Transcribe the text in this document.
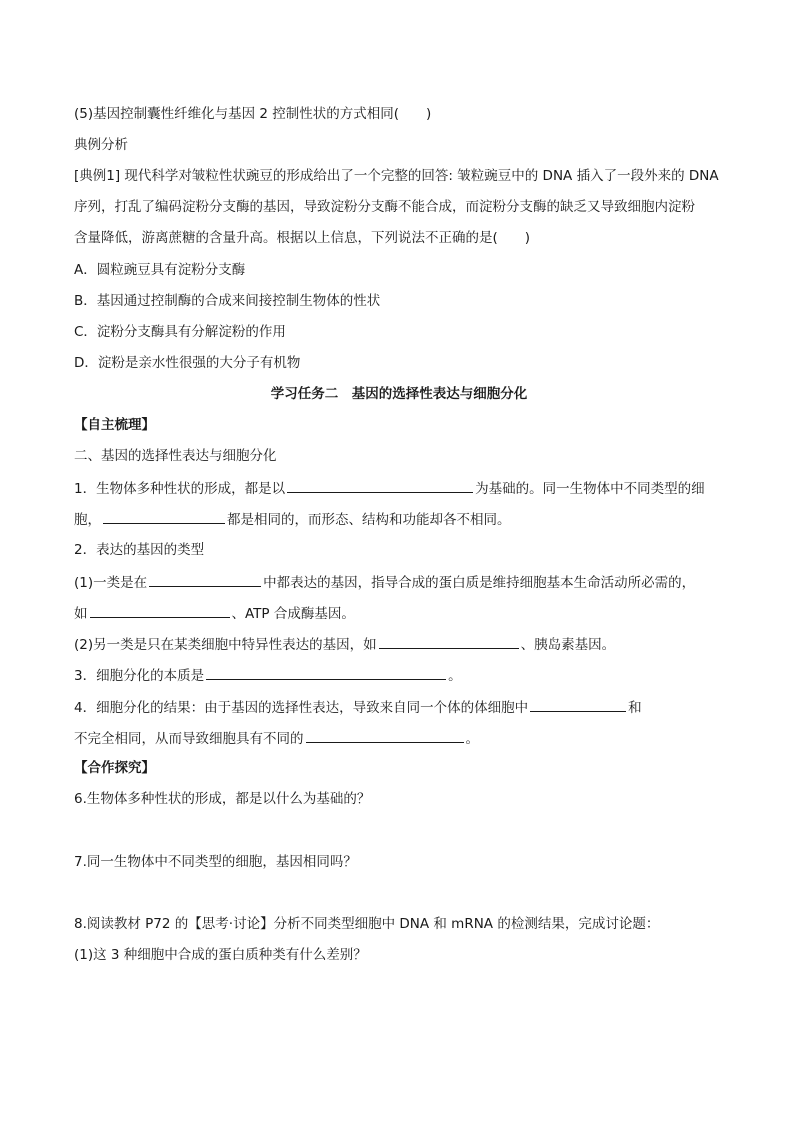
(5)基因控制囊性纤维化与基因 2 控制性状的方式相同(　　)
典例分析
[典例1] 现代科学对皱粒性状豌豆的形成给出了一个完整的回答: 皱粒豌豆中的 DNA 插入了一段外来的 DNA
序列，打乱了编码淀粉分支酶的基因，导致淀粉分支酶不能合成，而淀粉分支酶的缺乏又导致细胞内淀粉
含量降低，游离蔗糖的含量升高。根据以上信息，下列说法不正确的是(　　)
A．圆粒豌豆具有淀粉分支酶
B．基因通过控制酶的合成来间接控制生物体的性状
C．淀粉分支酶具有分解淀粉的作用
D．淀粉是亲水性很强的大分子有机物
学习任务二　基因的选择性表达与细胞分化
【自主梳理】
二、基因的选择性表达与细胞分化
1．生物体多种性状的形成，都是以	为基础的。同一生物体中不同类型的细
胞，	都是相同的，而形态、结构和功能却各不相同。
2．表达的基因的类型
(1)一类是在	中都表达的基因，指导合成的蛋白质是维持细胞基本生命活动所必需的，
如	、ATP 合成酶基因。
(2)另一类是只在某类细胞中特异性表达的基因，如	、胰岛素基因。
3．细胞分化的本质是	。
4．细胞分化的结果：由于基因的选择性表达，导致来自同一个体的体细胞中	和
不完全相同，从而导致细胞具有不同的	。
【合作探究】
6.生物体多种性状的形成，都是以什么为基础的？
7.同一生物体中不同类型的细胞，基因相同吗？
8.阅读教材 P72 的【思考·讨论】分析不同类型细胞中 DNA 和 mRNA 的检测结果，完成讨论题：
(1)这 3 种细胞中合成的蛋白质种类有什么差别？
